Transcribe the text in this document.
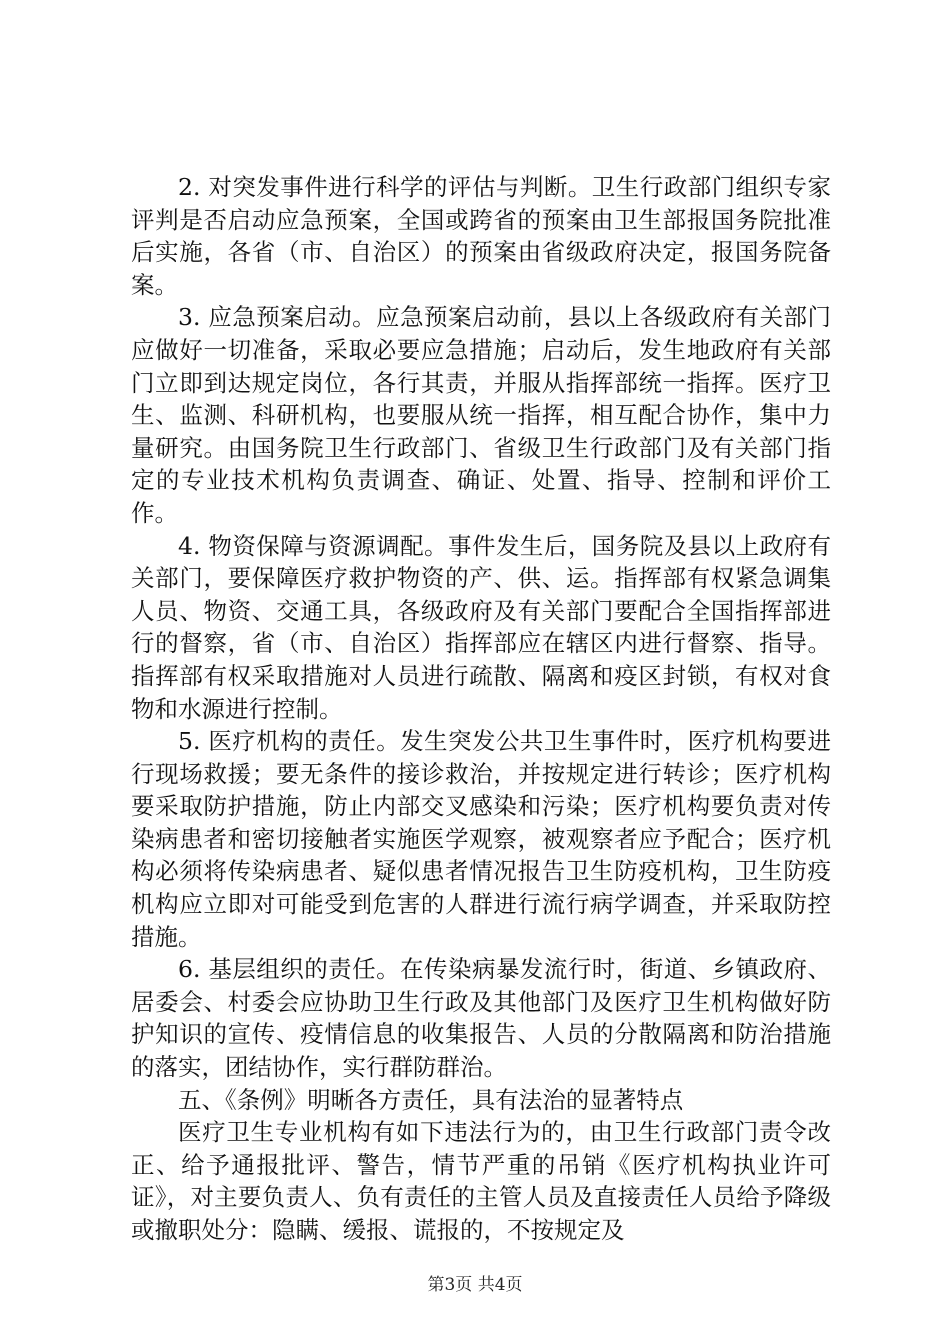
2. 对突发事件进行科学的评估与判断。卫生行政部门组织专家评判是否启动应急预案，全国或跨省的预案由卫生部报国务院批准后实施，各省（市、自治区）的预案由省级政府决定，报国务院备案。

3. 应急预案启动。应急预案启动前，县以上各级政府有关部门应做好一切准备，采取必要应急措施；启动后，发生地政府有关部门立即到达规定岗位，各行其责，并服从指挥部统一指挥。医疗卫生、监测、科研机构，也要服从统一指挥，相互配合协作，集中力量研究。由国务院卫生行政部门、省级卫生行政部门及有关部门指定的专业技术机构负责调查、确证、处置、指导、控制和评价工作。

4. 物资保障与资源调配。事件发生后，国务院及县以上政府有关部门，要保障医疗救护物资的产、供、运。指挥部有权紧急调集人员、物资、交通工具，各级政府及有关部门要配合全国指挥部进行的督察，省（市、自治区）指挥部应在辖区内进行督察、指导。指挥部有权采取措施对人员进行疏散、隔离和疫区封锁，有权对食物和水源进行控制。

5. 医疗机构的责任。发生突发公共卫生事件时，医疗机构要进行现场救援；要无条件的接诊救治，并按规定进行转诊；医疗机构要采取防护措施，防止内部交叉感染和污染；医疗机构要负责对传染病患者和密切接触者实施医学观察，被观察者应予配合；医疗机构必须将传染病患者、疑似患者情况报告卫生防疫机构，卫生防疫机构应立即对可能受到危害的人群进行流行病学调查，并采取防控措施。

6. 基层组织的责任。在传染病暴发流行时，街道、乡镇政府、居委会、村委会应协助卫生行政及其他部门及医疗卫生机构做好防护知识的宣传、疫情信息的收集报告、人员的分散隔离和防治措施的落实，团结协作，实行群防群治。

五、《条例》明晰各方责任，具有法治的显著特点

医疗卫生专业机构有如下违法行为的，由卫生行政部门责令改正、给予通报批评、警告，情节严重的吊销《医疗机构执业许可证》，对主要负责人、负有责任的主管人员及直接责任人员给予降级或撤职处分：隐瞒、缓报、谎报的，不按规定及

第3页 共4页
